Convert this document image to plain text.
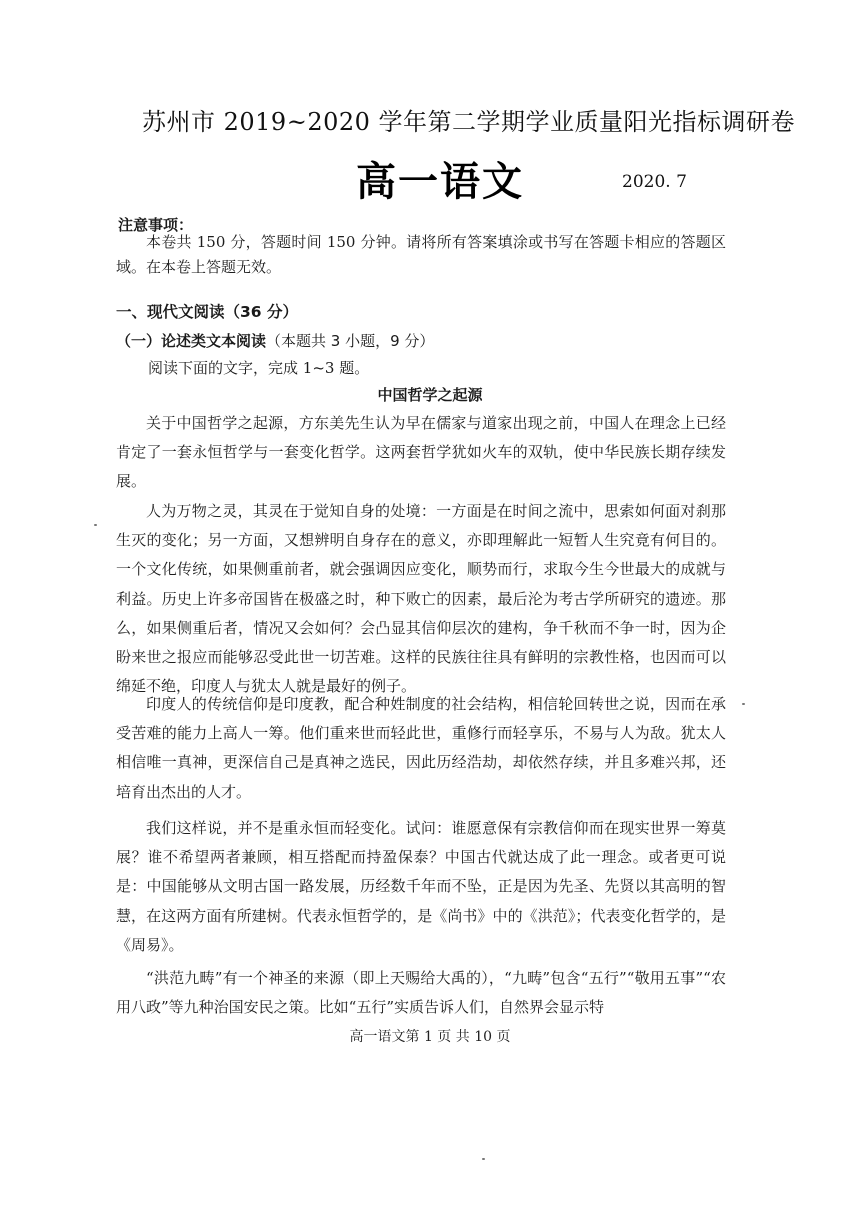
苏州市 2019~2020 学年第二学期学业质量阳光指标调研卷
高一语文	2020. 7
注意事项：
本卷共 150 分，答题时间 150 分钟。请将所有答案填涂或书写在答题卡相应的答题区域。在本卷上答题无效。
一、现代文阅读（36 分）
（一）论述类文本阅读（本题共 3 小题，9 分）
阅读下面的文字，完成 1~3 题。
中国哲学之起源
关于中国哲学之起源，方东美先生认为早在儒家与道家出现之前，中国人在理念上已经肯定了一套永恒哲学与一套变化哲学。这两套哲学犹如火车的双轨，使中华民族长期存续发展。
人为万物之灵，其灵在于觉知自身的处境：一方面是在时间之流中，思索如何面对刹那生灭的变化；另一方面，又想辨明自身存在的意义，亦即理解此一短暂人生究竟有何目的。一个文化传统，如果侧重前者，就会强调因应变化，顺势而行，求取今生今世最大的成就与利益。历史上许多帝国皆在极盛之时，种下败亡的因素，最后沦为考古学所研究的遗迹。那么，如果侧重后者，情况又会如何？会凸显其信仰层次的建构，争千秋而不争一时，因为企盼来世之报应而能够忍受此世一切苦难。这样的民族往往具有鲜明的宗教性格，也因而可以绵延不绝，印度人与犹太人就是最好的例子。
印度人的传统信仰是印度教，配合种姓制度的社会结构，相信轮回转世之说，因而在承受苦难的能力上高人一筹。他们重来世而轻此世，重修行而轻享乐，不易与人为敌。犹太人相信唯一真神，更深信自己是真神之选民，因此历经浩劫，却依然存续，并且多难兴邦，还培育出杰出的人才。
我们这样说，并不是重永恒而轻变化。试问：谁愿意保有宗教信仰而在现实世界一筹莫展？谁不希望两者兼顾，相互搭配而持盈保泰？中国古代就达成了此一理念。或者更可说是：中国能够从文明古国一路发展，历经数千年而不坠，正是因为先圣、先贤以其高明的智慧，在这两方面有所建树。代表永恒哲学的，是《尚书》中的《洪范》；代表变化哲学的，是《周易》。
“洪范九畴”有一个神圣的来源（即上天赐给大禹的），“九畴”包含“五行”“敬用五事”“农用八政”等九种治国安民之策。比如“五行”实质告诉人们，自然界会显示特
高一语文第 1 页 共 10 页
